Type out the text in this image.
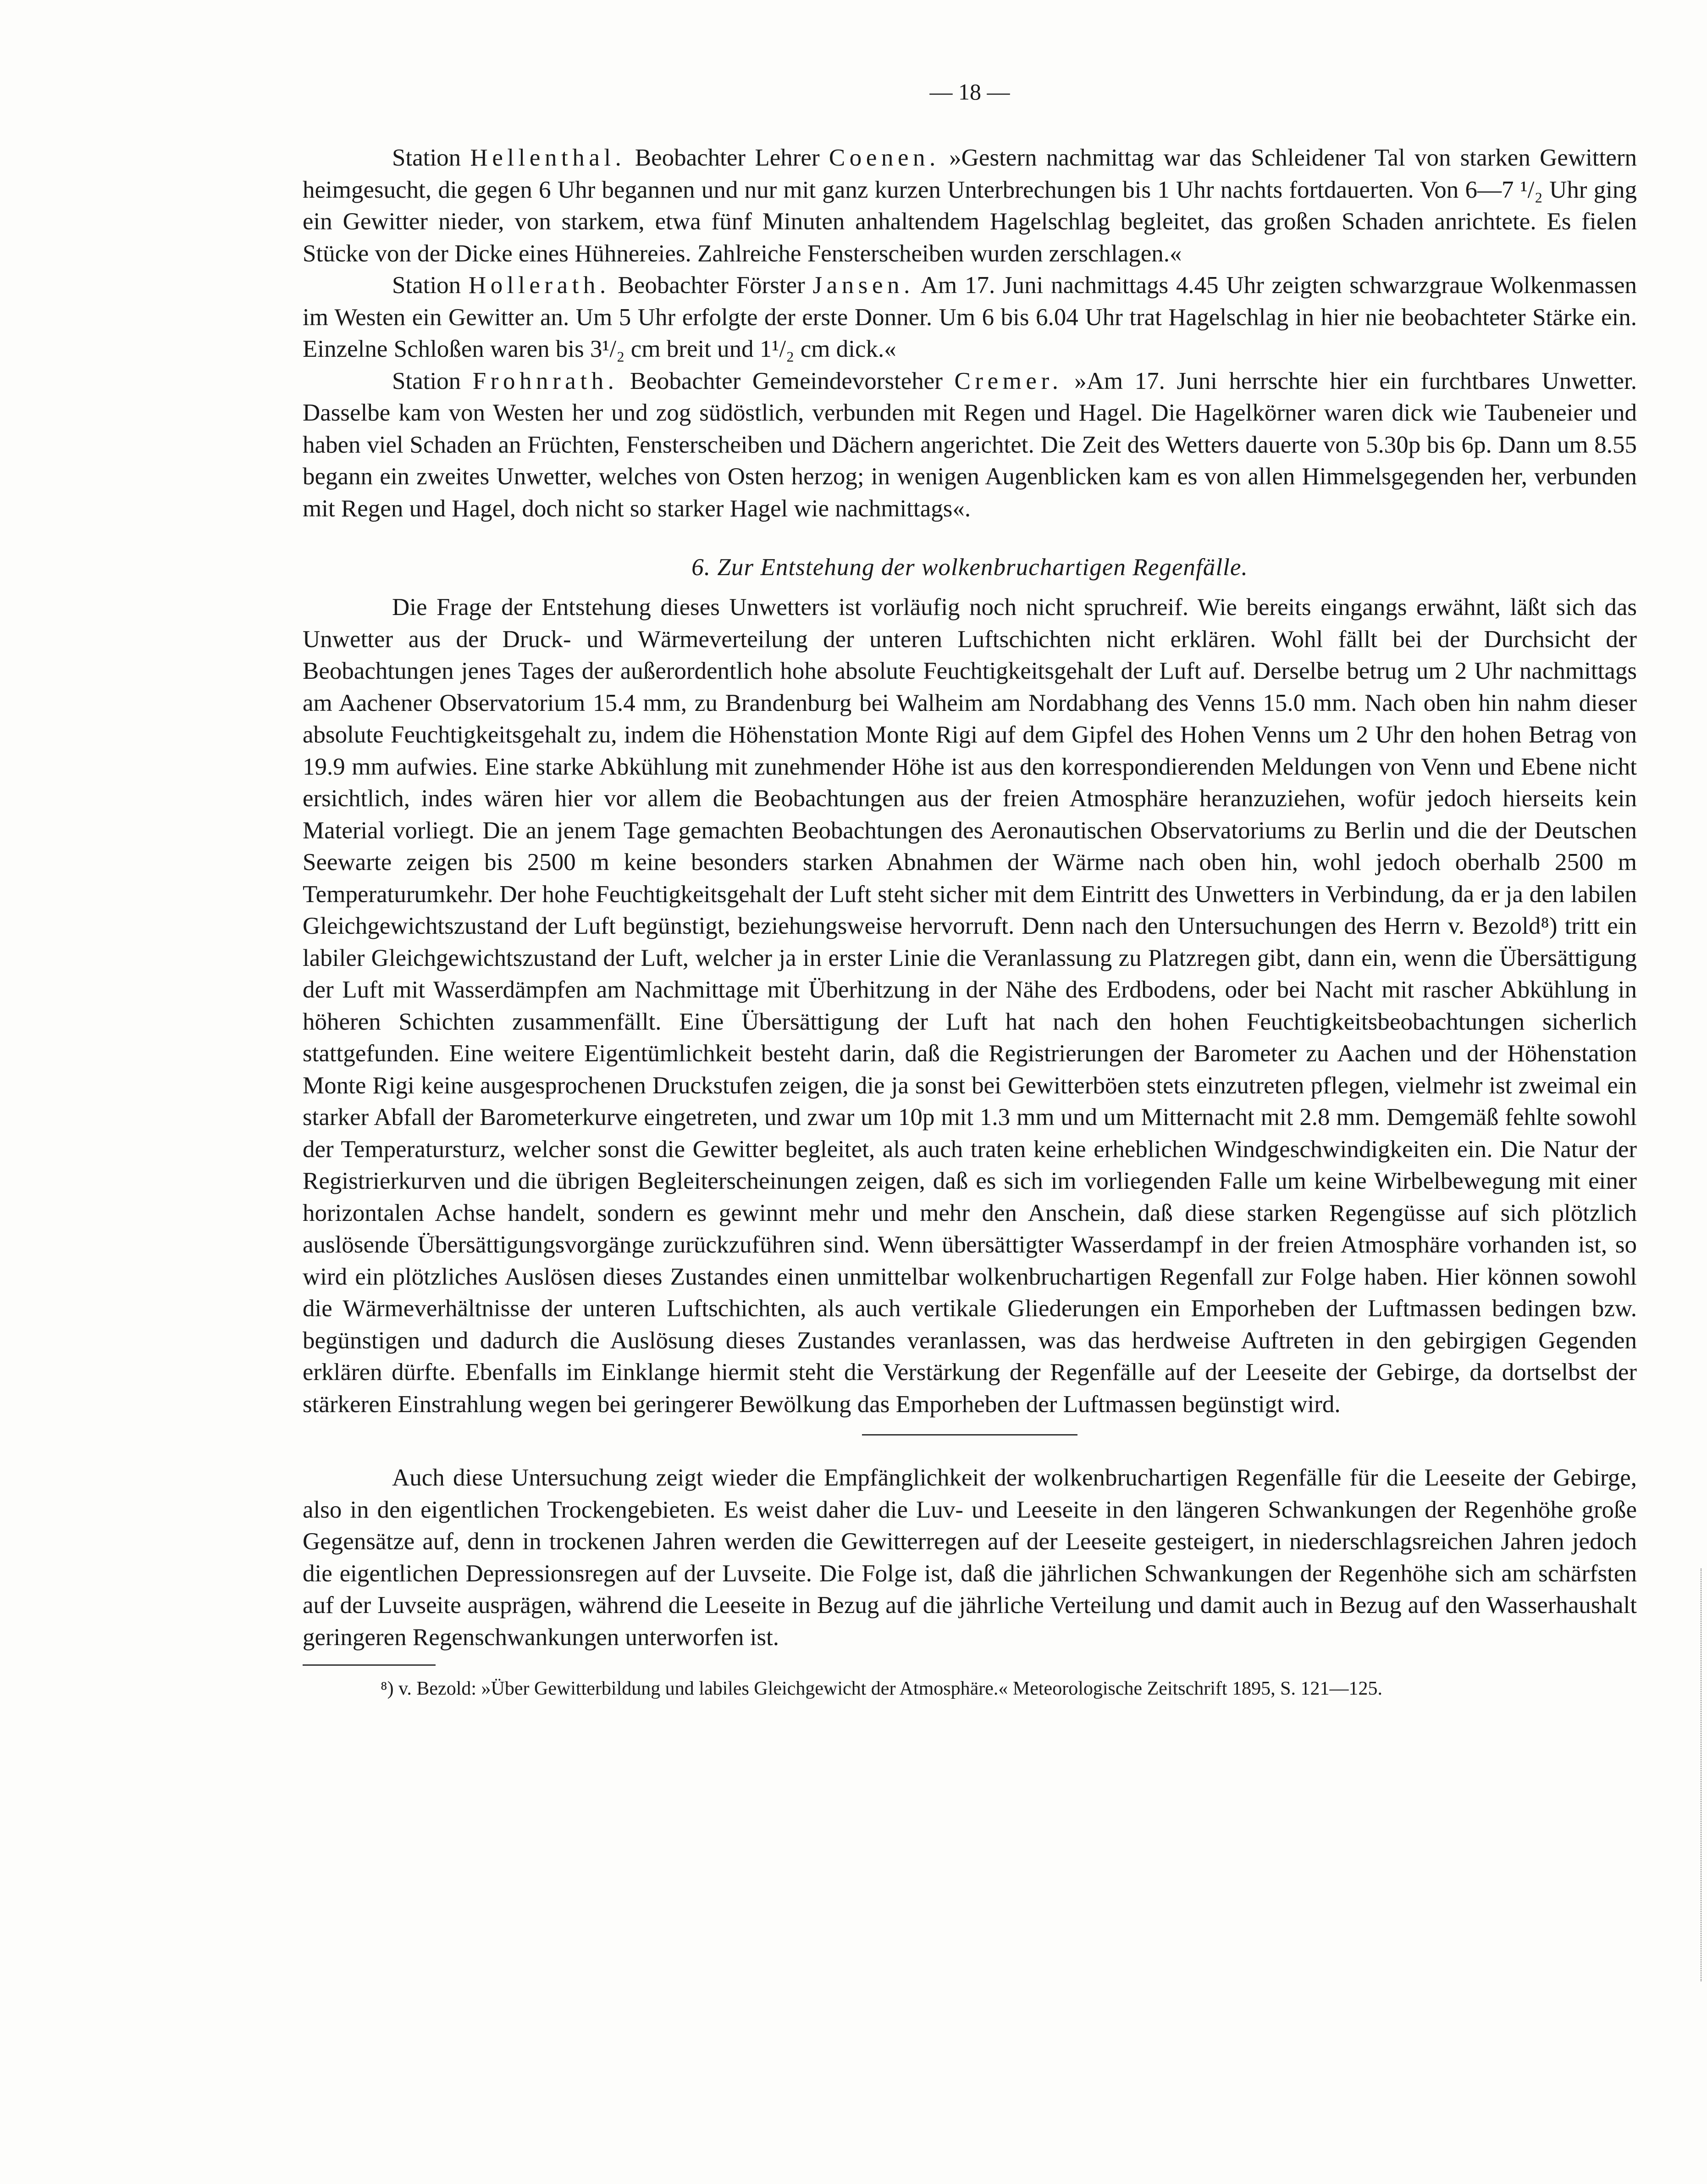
— 18 —

Station Hellenthal. Beobachter Lehrer Coenen. »Gestern nachmittag war das Schleidener Tal von starken Gewittern heimgesucht, die gegen 6 Uhr begannen und nur mit ganz kurzen Unterbrechungen bis 1 Uhr nachts fortdauerten. Von 6—7 ¹/₂ Uhr ging ein Gewitter nieder, von starkem, etwa fünf Minuten anhaltendem Hagelschlag begleitet, das großen Schaden anrichtete. Es fielen Stücke von der Dicke eines Hühnereies. Zahlreiche Fensterscheiben wurden zerschlagen.«

Station Hollerath. Beobachter Förster Jansen. Am 17. Juni nachmittags 4.45 Uhr zeigten schwarzgraue Wolkenmassen im Westen ein Gewitter an. Um 5 Uhr erfolgte der erste Donner. Um 6 bis 6.04 Uhr trat Hagelschlag in hier nie beobachteter Stärke ein. Einzelne Schloßen waren bis 3¹/₂ cm breit und 1¹/₂ cm dick.«

Station Frohnrath. Beobachter Gemeindevorsteher Cremer. »Am 17. Juni herrschte hier ein furchtbares Unwetter. Dasselbe kam von Westen her und zog südöstlich, verbunden mit Regen und Hagel. Die Hagelkörner waren dick wie Taubeneier und haben viel Schaden an Früchten, Fensterscheiben und Dächern angerichtet. Die Zeit des Wetters dauerte von 5.30p bis 6p. Dann um 8.55 begann ein zweites Unwetter, welches von Osten herzog; in wenigen Augenblicken kam es von allen Himmelsgegenden her, verbunden mit Regen und Hagel, doch nicht so starker Hagel wie nachmittags«.

6. Zur Entstehung der wolkenbruchartigen Regenfälle.

Die Frage der Entstehung dieses Unwetters ist vorläufig noch nicht spruchreif. Wie bereits eingangs erwähnt, läßt sich das Unwetter aus der Druck- und Wärmeverteilung der unteren Luftschichten nicht erklären. Wohl fällt bei der Durchsicht der Beobachtungen jenes Tages der außerordentlich hohe absolute Feuchtigkeitsgehalt der Luft auf. Derselbe betrug um 2 Uhr nachmittags am Aachener Observatorium 15.4 mm, zu Brandenburg bei Walheim am Nordabhang des Venns 15.0 mm. Nach oben hin nahm dieser absolute Feuchtigkeitsgehalt zu, indem die Höhenstation Monte Rigi auf dem Gipfel des Hohen Venns um 2 Uhr den hohen Betrag von 19.9 mm aufwies. Eine starke Abkühlung mit zunehmender Höhe ist aus den korrespondierenden Meldungen von Venn und Ebene nicht ersichtlich, indes wären hier vor allem die Beobachtungen aus der freien Atmosphäre heranzuziehen, wofür jedoch hierseits kein Material vorliegt. Die an jenem Tage gemachten Beobachtungen des Aeronautischen Observatoriums zu Berlin und die der Deutschen Seewarte zeigen bis 2500 m keine besonders starken Abnahmen der Wärme nach oben hin, wohl jedoch oberhalb 2500 m Temperaturumkehr. Der hohe Feuchtigkeitsgehalt der Luft steht sicher mit dem Eintritt des Unwetters in Verbindung, da er ja den labilen Gleichgewichtszustand der Luft begünstigt, beziehungsweise hervorruft. Denn nach den Untersuchungen des Herrn v. Bezold⁸) tritt ein labiler Gleichgewichtszustand der Luft, welcher ja in erster Linie die Veranlassung zu Platzregen gibt, dann ein, wenn die Übersättigung der Luft mit Wasserdämpfen am Nachmittage mit Überhitzung in der Nähe des Erdbodens, oder bei Nacht mit rascher Abkühlung in höheren Schichten zusammenfällt. Eine Übersättigung der Luft hat nach den hohen Feuchtigkeitsbeobachtungen sicherlich stattgefunden. Eine weitere Eigentümlichkeit besteht darin, daß die Registrierungen der Barometer zu Aachen und der Höhenstation Monte Rigi keine ausgesprochenen Druckstufen zeigen, die ja sonst bei Gewitterböen stets einzutreten pflegen, vielmehr ist zweimal ein starker Abfall der Barometerkurve eingetreten, und zwar um 10p mit 1.3 mm und um Mitternacht mit 2.8 mm. Demgemäß fehlte sowohl der Temperatursturz, welcher sonst die Gewitter begleitet, als auch traten keine erheblichen Windgeschwindigkeiten ein. Die Natur der Registrierkurven und die übrigen Begleiterscheinungen zeigen, daß es sich im vorliegenden Falle um keine Wirbelbewegung mit einer horizontalen Achse handelt, sondern es gewinnt mehr und mehr den Anschein, daß diese starken Regengüsse auf sich plötzlich auslösende Übersättigungsvorgänge zurückzuführen sind. Wenn übersättigter Wasserdampf in der freien Atmosphäre vorhanden ist, so wird ein plötzliches Auslösen dieses Zustandes einen unmittelbar wolkenbruchartigen Regenfall zur Folge haben. Hier können sowohl die Wärmeverhältnisse der unteren Luftschichten, als auch vertikale Gliederungen ein Emporheben der Luftmassen bedingen bzw. begünstigen und dadurch die Auslösung dieses Zustandes veranlassen, was das herdweise Auftreten in den gebirgigen Gegenden erklären dürfte. Ebenfalls im Einklange hiermit steht die Verstärkung der Regenfälle auf der Leeseite der Gebirge, da dortselbst der stärkeren Einstrahlung wegen bei geringerer Bewölkung das Emporheben der Luftmassen begünstigt wird.

Auch diese Untersuchung zeigt wieder die Empfänglichkeit der wolkenbruchartigen Regenfälle für die Leeseite der Gebirge, also in den eigentlichen Trockengebieten. Es weist daher die Luv- und Leeseite in den längeren Schwankungen der Regenhöhe große Gegensätze auf, denn in trockenen Jahren werden die Gewitterregen auf der Leeseite gesteigert, in niederschlagsreichen Jahren jedoch die eigentlichen Depressionsregen auf der Luvseite. Die Folge ist, daß die jährlichen Schwankungen der Regenhöhe sich am schärfsten auf der Luvseite ausprägen, während die Leeseite in Bezug auf die jährliche Verteilung und damit auch in Bezug auf den Wasserhaushalt geringeren Regenschwankungen unterworfen ist.

⁸) v. Bezold: »Über Gewitterbildung und labiles Gleichgewicht der Atmosphäre.« Meteorologische Zeitschrift 1895, S. 121—125.
